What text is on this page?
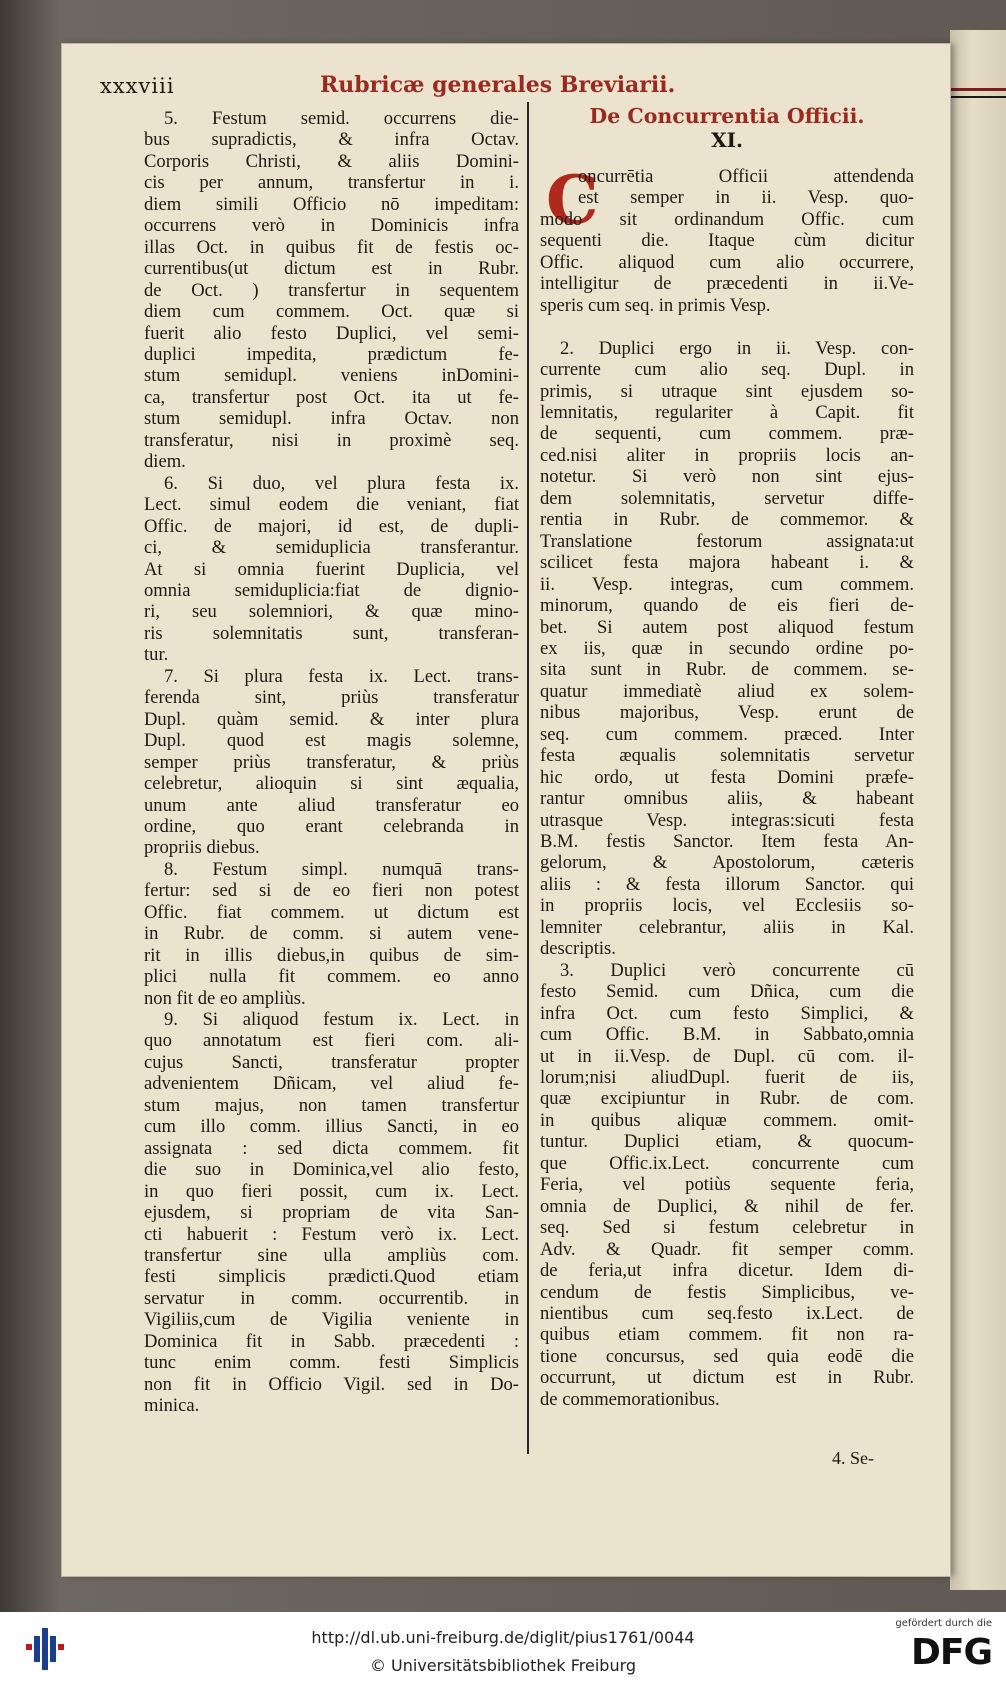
xxxviii	Rubricæ generales Breviarii.
5. Festum semid. occurrens die-
bus supradictis, & infra Octav.
Corporis Christi, & aliis Domini-
cis per annum, transfertur in i.
diem simili Officio nō impeditam:
occurrens verò in Dominicis infra
illas Oct. in quibus fit de festis oc-
currentibus(ut dictum est in Rubr.
de Oct. ) transfertur in sequentem
diem cum commem. Oct. quæ si
fuerit alio festo Duplici, vel semi-
duplici impedita, prædictum fe-
stum semidupl. veniens inDomini-
ca, transfertur post Oct. ita ut fe-
stum semidupl. infra Octav. non
transferatur, nisi in proximè seq.
diem.
6. Si duo, vel plura festa ix.
Lect. simul eodem die veniant, fiat
Offic. de majori, id est, de dupli-
ci, & semiduplicia transferantur.
At si omnia fuerint Duplicia, vel
omnia semiduplicia:fiat de dignio-
ri, seu solemniori, & quæ mino-
ris solemnitatis sunt, transferan-
tur.
7. Si plura festa ix. Lect. trans-
ferenda sint, priùs transferatur
Dupl. quàm semid. & inter plura
Dupl. quod est magis solemne,
semper priùs transferatur, & priùs
celebretur, alioquin si sint æqualia,
unum ante aliud transferatur eo
ordine, quo erant celebranda in
propriis diebus.
8. Festum simpl. numquā trans-
fertur: sed si de eo fieri non potest
Offic. fiat commem. ut dictum est
in Rubr. de comm. si autem vene-
rit in illis diebus,in quibus de sim-
plici nulla fit commem. eo anno
non fit de eo ampliùs.
9. Si aliquod festum ix. Lect. in
quo annotatum est fieri com. ali-
cujus Sancti, transferatur propter
advenientem Dñicam, vel aliud fe-
stum majus, non tamen transfertur
cum illo comm. illius Sancti, in eo
assignata : sed dicta commem. fit
die suo in Dominica,vel alio festo,
in quo fieri possit, cum ix. Lect.
ejusdem, si propriam de vita San-
cti habuerit : Festum verò ix. Lect.
transfertur sine ulla ampliùs com.
festi simplicis prædicti.Quod etiam
servatur in comm. occurrentib. in
Vigiliis,cum de Vigilia veniente in
Dominica fit in Sabb. præcedenti :
tunc enim comm. festi Simplicis
non fit in Officio Vigil. sed in Do-
minica.
De Concurrentia Officii.
XI.
C
oncurrētia Officii attendenda
est semper in ii. Vesp. quo-
modo sit ordinandum Offic. cum
sequenti die. Itaque cùm dicitur
Offic. aliquod cum alio occurrere,
intelligitur de præcedenti in ii.Ve-
speris cum seq. in primis Vesp.
2. Duplici ergo in ii. Vesp. con-
currente cum alio seq. Dupl. in
primis, si utraque sint ejusdem so-
lemnitatis, regulariter à Capit. fit
de sequenti, cum commem. præ-
ced.nisi aliter in propriis locis an-
notetur. Si verò non sint ejus-
dem solemnitatis, servetur diffe-
rentia in Rubr. de commemor. &
Translatione festorum assignata:ut
scilicet festa majora habeant i. &
ii. Vesp. integras, cum commem.
minorum, quando de eis fieri de-
bet. Si autem post aliquod festum
ex iis, quæ in secundo ordine po-
sita sunt in Rubr. de commem. se-
quatur immediatè aliud ex solem-
nibus majoribus, Vesp. erunt de
seq. cum commem. præced. Inter
festa æqualis solemnitatis servetur
hic ordo, ut festa Domini præfe-
rantur omnibus aliis, & habeant
utrasque Vesp. integras:sicuti festa
B.M. festis Sanctor. Item festa An-
gelorum, & Apostolorum, cæteris
aliis : & festa illorum Sanctor. qui
in propriis locis, vel Ecclesiis so-
lemniter celebrantur, aliis in Kal.
descriptis.
3. Duplici verò concurrente cū
festo Semid. cum Dñica, cum die
infra Oct. cum festo Simplici, &
cum Offic. B.M. in Sabbato,omnia
ut in ii.Vesp. de Dupl. cū com. il-
lorum;nisi aliudDupl. fuerit de iis,
quæ excipiuntur in Rubr. de com.
in quibus aliquæ commem. omit-
tuntur. Duplici etiam, & quocum-
que Offic.ix.Lect. concurrente cum
Feria, vel potiùs sequente feria,
omnia de Duplici, & nihil de fer.
seq. Sed si festum celebretur in
Adv. & Quadr. fit semper comm.
de feria,ut infra dicetur. Idem di-
cendum de festis Simplicibus, ve-
nientibus cum seq.festo ix.Lect. de
quibus etiam commem. fit non ra-
tione concursus, sed quia eodē die
occurrunt, ut dictum est in Rubr.
de commemorationibus.
4. Se-
http://dl.ub.uni-freiburg.de/diglit/pius1761/0044
© Universitätsbibliothek Freiburg
gefördert durch die
DFG
